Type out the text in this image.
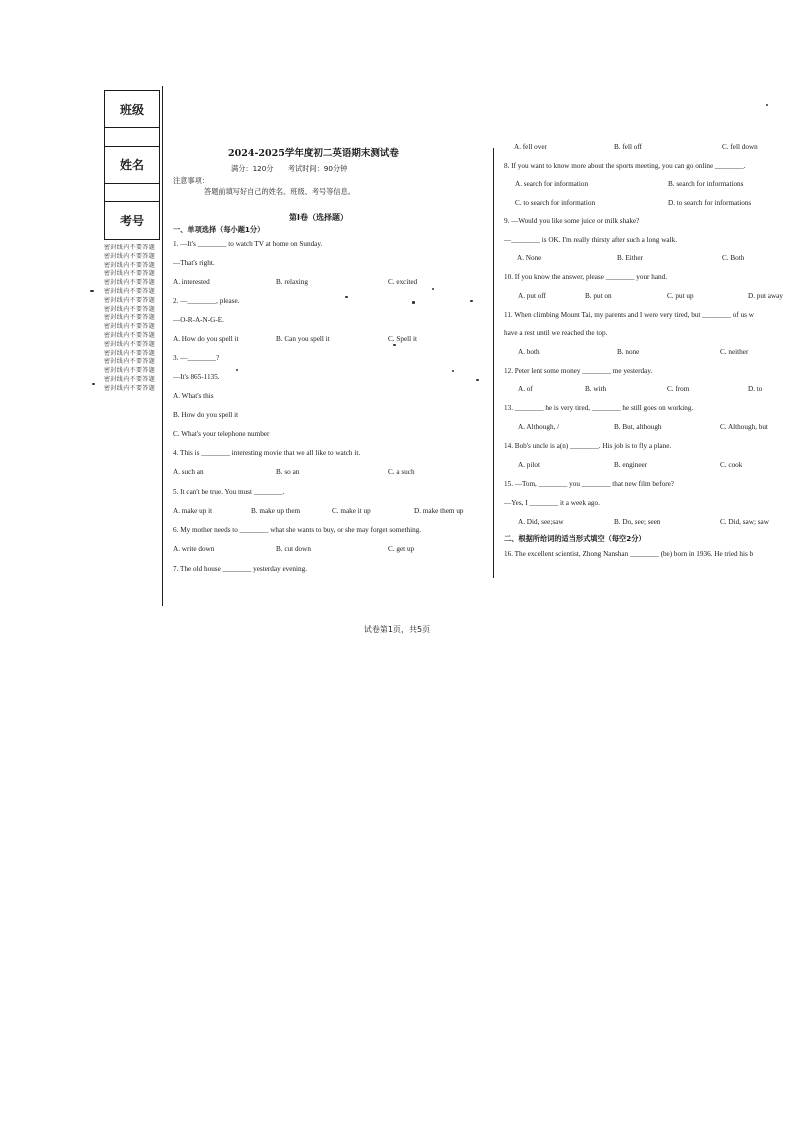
班级
姓名
考号
密封线内不要答题密封线内不要答题密封线内不要答题密封线内不要答题密封线内不要答题密封线内不要答题密封线内不要答题密封线内不要答题密封线内不要答题密封线内不要答题密封线内不要答题密封线内不要答题密封线内不要答题密封线内不要答题密封线内不要答题密封线内不要答题密封线内不要答题
2024-2025学年度初二英语期末测试卷
满分：120分　　考试时间：90分钟
注意事项：
答题前填写好自己的姓名、班级、考号等信息。
第Ⅰ卷（选择题）
一、单项选择（每小题1分）
1. —It's ________ to watch TV at home on Sunday.
—That's right.
A. interested	B. relaxing	C. excited
2. —________, please.
—O-R-A-N-G-E.
A. How do you spell it	B. Can you spell it	C. Spell it
3. —________?
—It's 865-1135.
A. What's this
B. How do you spell it
C. What's your telephone number
4. This is ________ interesting movie that we all like to watch it.
A. such an	B. so an	C. a such
5. It can't be true. You must ________.
A. make up it	B. make up them	C. make it up	D. make them up
6. My mother needs to ________ what she wants to buy, or she may forget something.
A. write down	B. cut down	C. get up
7. The old house ________ yesterday evening.
A. fell over	B. fell off	C. fell down
8. If you want to know more about the sports meeting, you can go online ________.
A. search for information	B. search for informations
C. to search for information	D. to search for informations
9. —Would you like some juice or milk shake?
—________ is OK. I'm really thirsty after such a long walk.
A. None	B. Either	C. Both
10. If you know the answer, please ________ your hand.
A. put off	B. put on	C. put up	D. put away
11. When climbing Mount Tai, my parents and I were very tired, but ________ of us w
have a rest until we reached the top.
A. both	B. none	C. neither
12. Peter lent some money ________ me yesterday.
A. of	B. with	C. from	D. to
13. ________ he is very tired, ________ he still goes on working.
A. Although, /	B. But, although	C. Although, but
14. Bob's uncle is a(n) ________. His job is to fly a plane.
A. pilot	B. engineer	C. cook
15. —Tom, ________ you ________ that new film before?
—Yes, I ________ it a week ago.
A. Did, see;saw	B. Do, see; seen	C. Did, saw; saw
二、根据所给词的适当形式填空（每空2分）
16. The excellent scientist, Zhong Nanshan ________ (be) born in 1936. He tried his b
试卷第1页，共5页
